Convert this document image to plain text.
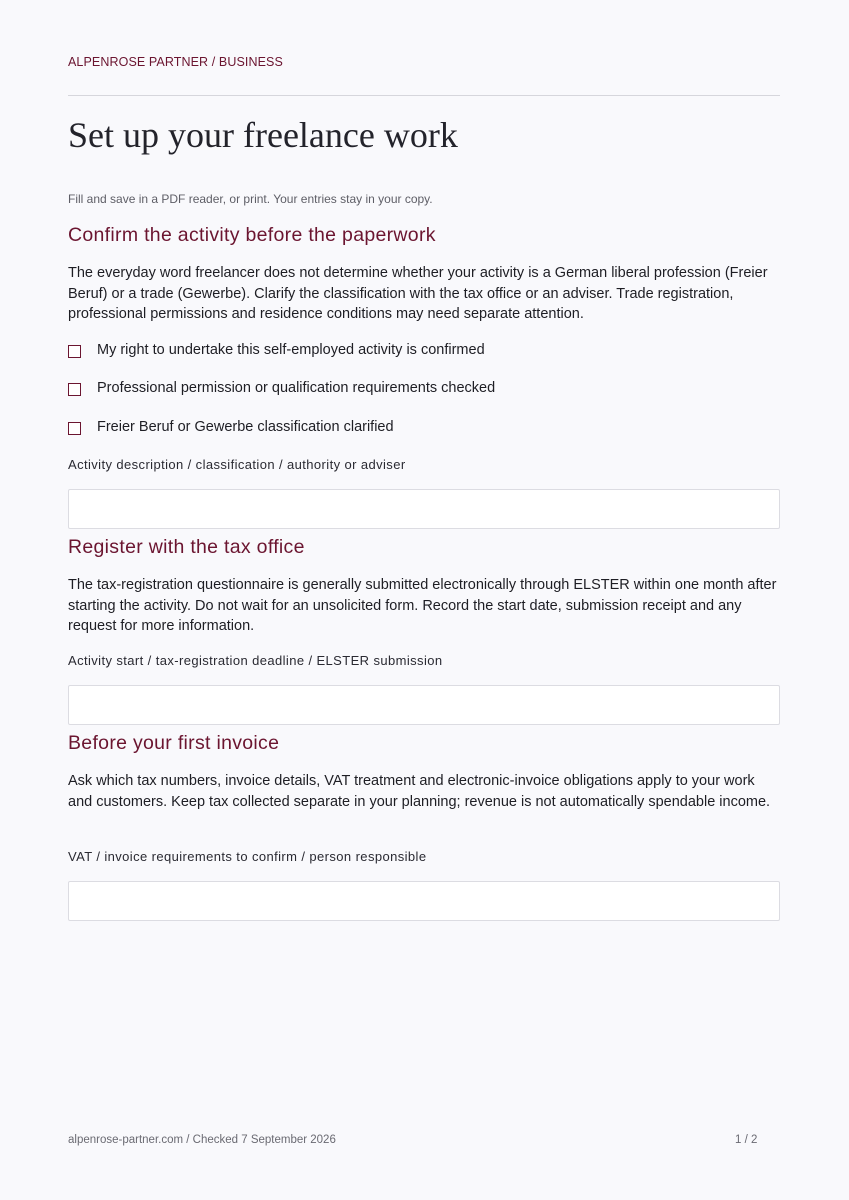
ALPENROSE PARTNER / BUSINESS
Set up your freelance work
Fill and save in a PDF reader, or print. Your entries stay in your copy.
Confirm the activity before the paperwork

The everyday word freelancer does not determine whether your activity is a German liberal profession (Freier Beruf) or a trade (Gewerbe). Clarify the classification with the tax office or an adviser. Trade registration, professional permissions and residence conditions may need separate attention.

My right to undertake this self-employed activity is confirmed
Professional permission or qualification requirements checked
Freier Beruf or Gewerbe classification clarified
Activity description / classification / authority or adviser
Register with the tax office

The tax-registration questionnaire is generally submitted electronically through ELSTER within one month after starting the activity. Do not wait for an unsolicited form. Record the start date, submission receipt and any request for more information.

Activity start / tax-registration deadline / ELSTER submission
Before your first invoice

Ask which tax numbers, invoice details, VAT treatment and electronic-invoice obligations apply to your work and customers. Keep tax collected separate in your planning; revenue is not automatically spendable income.

VAT / invoice requirements to confirm / person responsible
alpenrose-partner.com / Checked 7 September 2026	1 / 2
